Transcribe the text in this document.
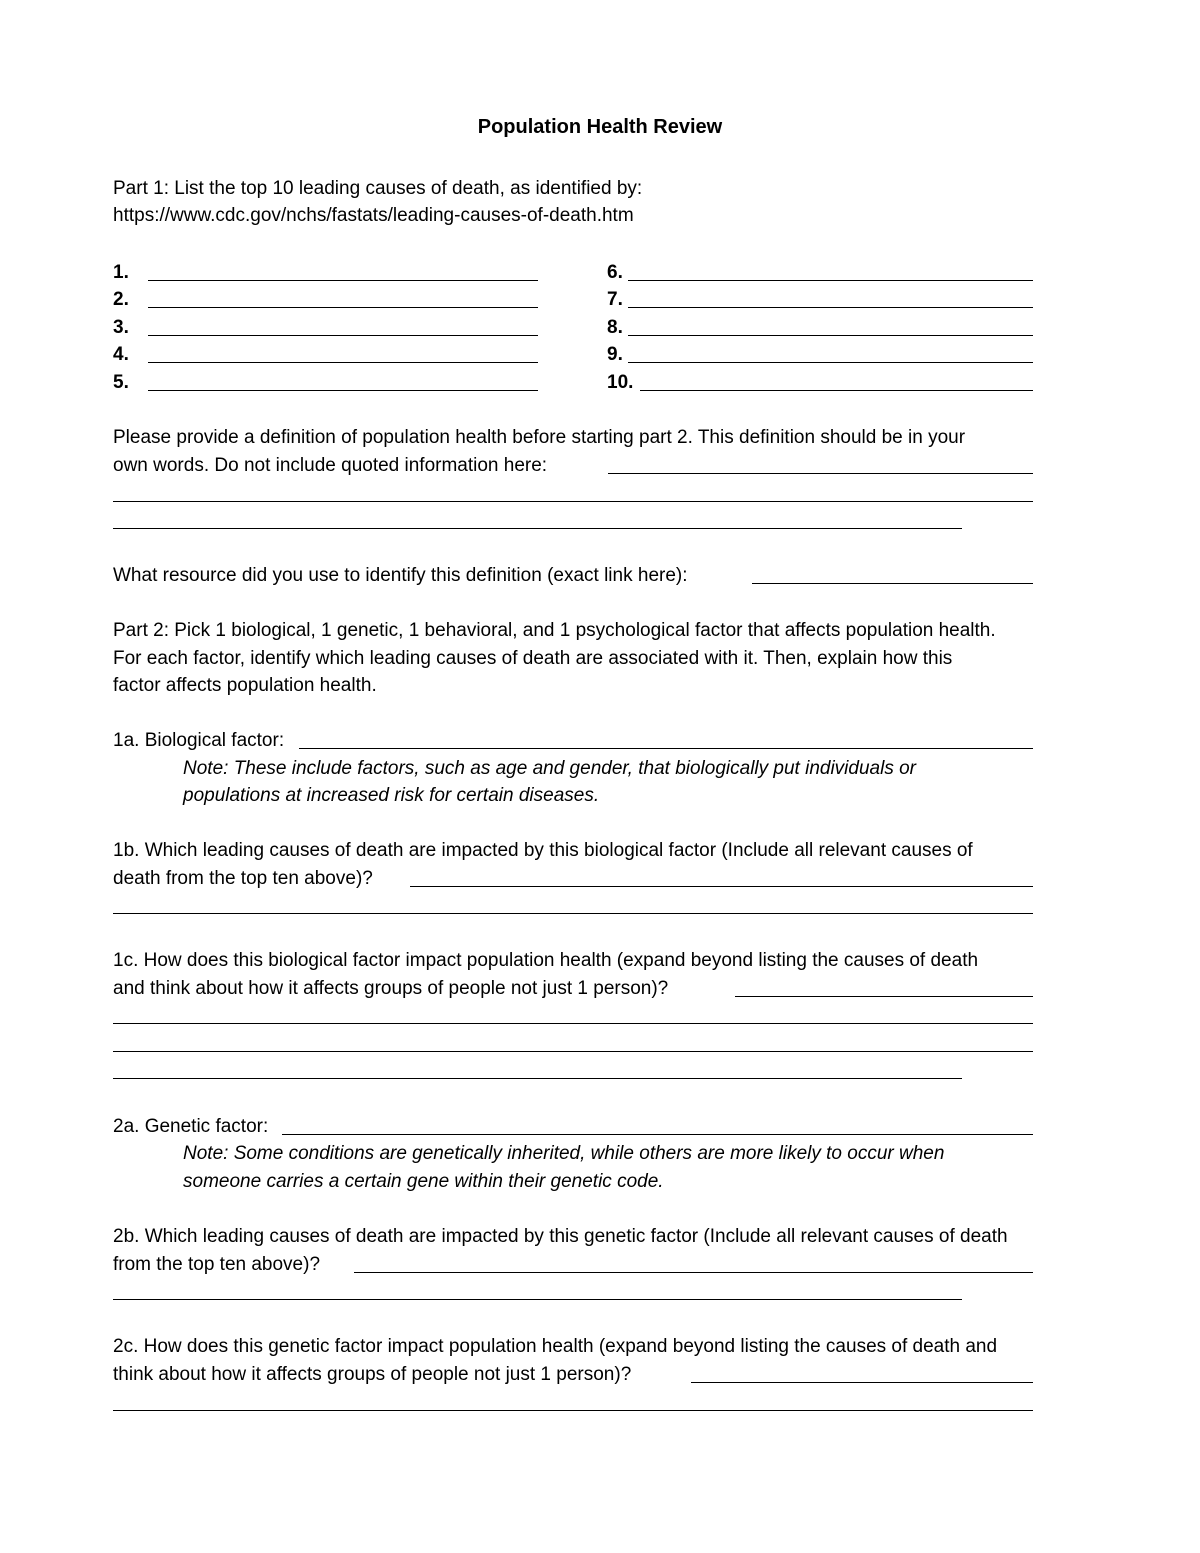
Population Health Review
Part 1: List the top 10 leading causes of death, as identified by:
https://www.cdc.gov/nchs/fastats/leading-causes-of-death.htm
1.
2.
3.
4.
5.
6.
7.
8.
9.
10.
Please provide a definition of population health before starting part 2. This definition should be in your
own words. Do not include quoted information here:
What resource did you use to identify this definition (exact link here):
Part 2: Pick 1 biological, 1 genetic, 1 behavioral, and 1 psychological factor that affects population health.
For each factor, identify which leading causes of death are associated with it. Then, explain how this
factor affects population health.
1a. Biological factor:
Note: These include factors, such as age and gender, that biologically put individuals or
populations at increased risk for certain diseases.
1b. Which leading causes of death are impacted by this biological factor (Include all relevant causes of
death from the top ten above)?
1c. How does this biological factor impact population health (expand beyond listing the causes of death
and think about how it affects groups of people not just 1 person)?
2a. Genetic factor:
Note: Some conditions are genetically inherited, while others are more likely to occur when
someone carries a certain gene within their genetic code.
2b. Which leading causes of death are impacted by this genetic factor (Include all relevant causes of death
from the top ten above)?
2c. How does this genetic factor impact population health (expand beyond listing the causes of death and
think about how it affects groups of people not just 1 person)?
